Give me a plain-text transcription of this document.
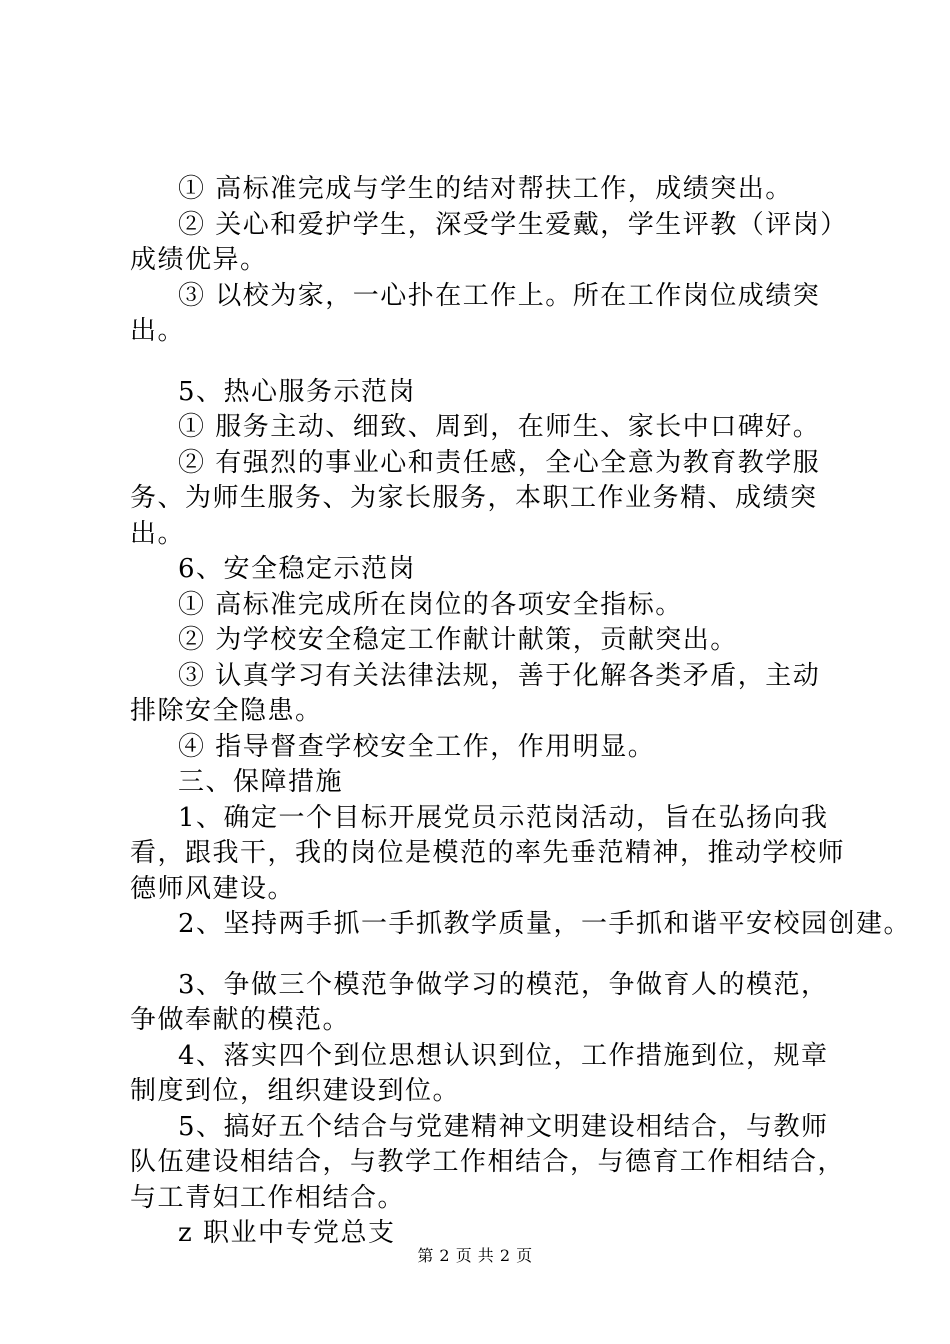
① 高标准完成与学生的结对帮扶工作，成绩突出。

② 关心和爱护学生，深受学生爱戴，学生评教（评岗）成绩优异。

③ 以校为家，一心扑在工作上。所在工作岗位成绩突出。

5、热心服务示范岗

① 服务主动、细致、周到，在师生、家长中口碑好。

② 有强烈的事业心和责任感，全心全意为教育教学服务、为师生服务、为家长服务，本职工作业务精、成绩突出。

6、安全稳定示范岗

① 高标准完成所在岗位的各项安全指标。

② 为学校安全稳定工作献计献策，贡献突出。

③ 认真学习有关法律法规，善于化解各类矛盾，主动排除安全隐患。

④ 指导督查学校安全工作，作用明显。

三、保障措施

1、确定一个目标开展党员示范岗活动，旨在弘扬向我看，跟我干，我的岗位是模范的率先垂范精神，推动学校师德师风建设。

2、坚持两手抓一手抓教学质量，一手抓和谐平安校园创建。

3、争做三个模范争做学习的模范，争做育人的模范，争做奉献的模范。

4、落实四个到位思想认识到位，工作措施到位，规章制度到位，组织建设到位。

5、搞好五个结合与党建精神文明建设相结合，与教师队伍建设相结合，与教学工作相结合，与德育工作相结合，与工青妇工作相结合。

z 职业中专党总支

第 2 页 共 2 页
